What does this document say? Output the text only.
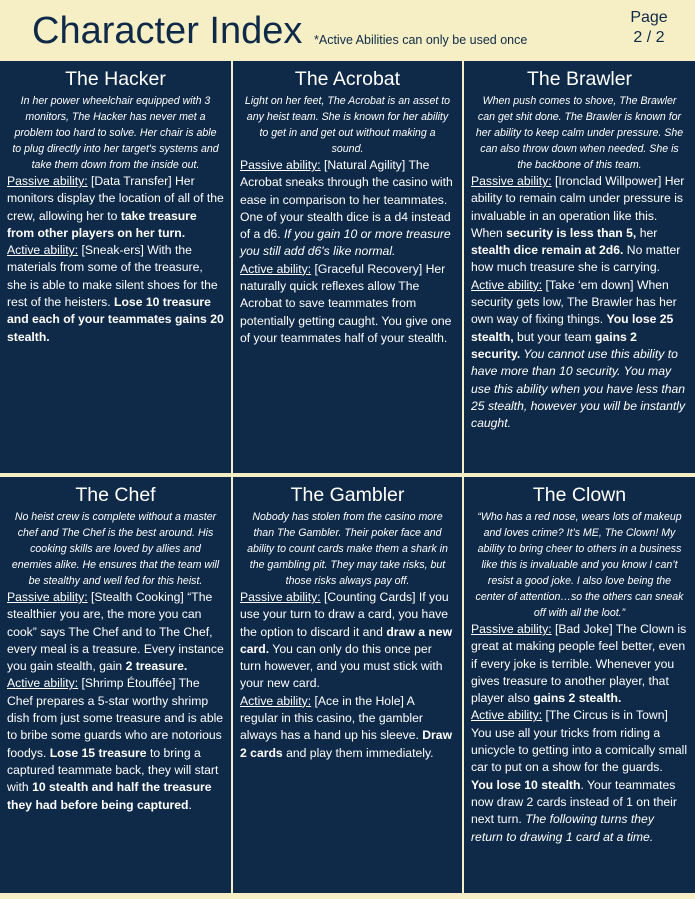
Character Index *Active Abilities can only be used once
Page
2 / 2
The Hacker
In her power wheelchair equipped with 3 monitors, The Hacker has never met a problem too hard to solve. Her chair is able to plug directly into her target's systems and take them down from the inside out.
Passive ability: [Data Transfer] Her monitors display the location of all of the crew, allowing her to take treasure from other players on her turn.
Active ability: [Sneak-ers] With the materials from some of the treasure, she is able to make silent shoes for the rest of the heisters. Lose 10 treasure and each of your teammates gains 20 stealth.
The Acrobat
Light on her feet, The Acrobat is an asset to any heist team. She is known for her ability to get in and get out without making a sound.
Passive ability: [Natural Agility] The Acrobat sneaks through the casino with ease in comparison to her teammates. One of your stealth dice is a d4 instead of a d6. If you gain 10 or more treasure you still add d6's like normal.
Active ability: [Graceful Recovery] Her naturally quick reflexes allow The Acrobat to save teammates from potentially getting caught. You give one of your teammates half of your stealth.
The Brawler
When push comes to shove, The Brawler can get shit done. The Brawler is known for her ability to keep calm under pressure. She can also throw down when needed. She is the backbone of this team.
Passive ability: [Ironclad Willpower] Her ability to remain calm under pressure is invaluable in an operation like this. When security is less than 5, her stealth dice remain at 2d6. No matter how much treasure she is carrying.
Active ability: [Take ‘em down] When security gets low, The Brawler has her own way of fixing things. You lose 25 stealth, but your team gains 2 security. You cannot use this ability to have more than 10 security. You may use this ability when you have less than 25 stealth, however you will be instantly caught.
The Chef
No heist crew is complete without a master chef and The Chef is the best around. His cooking skills are loved by allies and enemies alike. He ensures that the team will be stealthy and well fed for this heist.
Passive ability: [Stealth Cooking] “The stealthier you are, the more you can cook” says The Chef and to The Chef, every meal is a treasure. Every instance you gain stealth, gain 2 treasure.
Active ability: [Shrimp Étouffée] The Chef prepares a 5-star worthy shrimp dish from just some treasure and is able to bribe some guards who are notorious foodys. Lose 15 treasure to bring a captured teammate back, they will start with 10 stealth and half the treasure they had before being captured.
The Gambler
Nobody has stolen from the casino more than The Gambler. Their poker face and ability to count cards make them a shark in the gambling pit. They may take risks, but those risks always pay off.
Passive ability: [Counting Cards] If you use your turn to draw a card, you have the option to discard it and draw a new card. You can only do this once per turn however, and you must stick with your new card.
Active ability: [Ace in the Hole] A regular in this casino, the gambler always has a hand up his sleeve. Draw 2 cards and play them immediately.
The Clown
“Who has a red nose, wears lots of makeup and loves crime? It’s ME, The Clown! My ability to bring cheer to others in a business like this is invaluable and you know I can’t resist a good joke. I also love being the center of attention…so the others can sneak off with all the loot.”
Passive ability: [Bad Joke] The Clown is great at making people feel better, even if every joke is terrible. Whenever you gives treasure to another player, that player also gains 2 stealth.
Active ability: [The Circus is in Town] You use all your tricks from riding a unicycle to getting into a comically small car to put on a show for the guards. You lose 10 stealth. Your teammates now draw 2 cards instead of 1 on their next turn. The following turns they return to drawing 1 card at a time.
